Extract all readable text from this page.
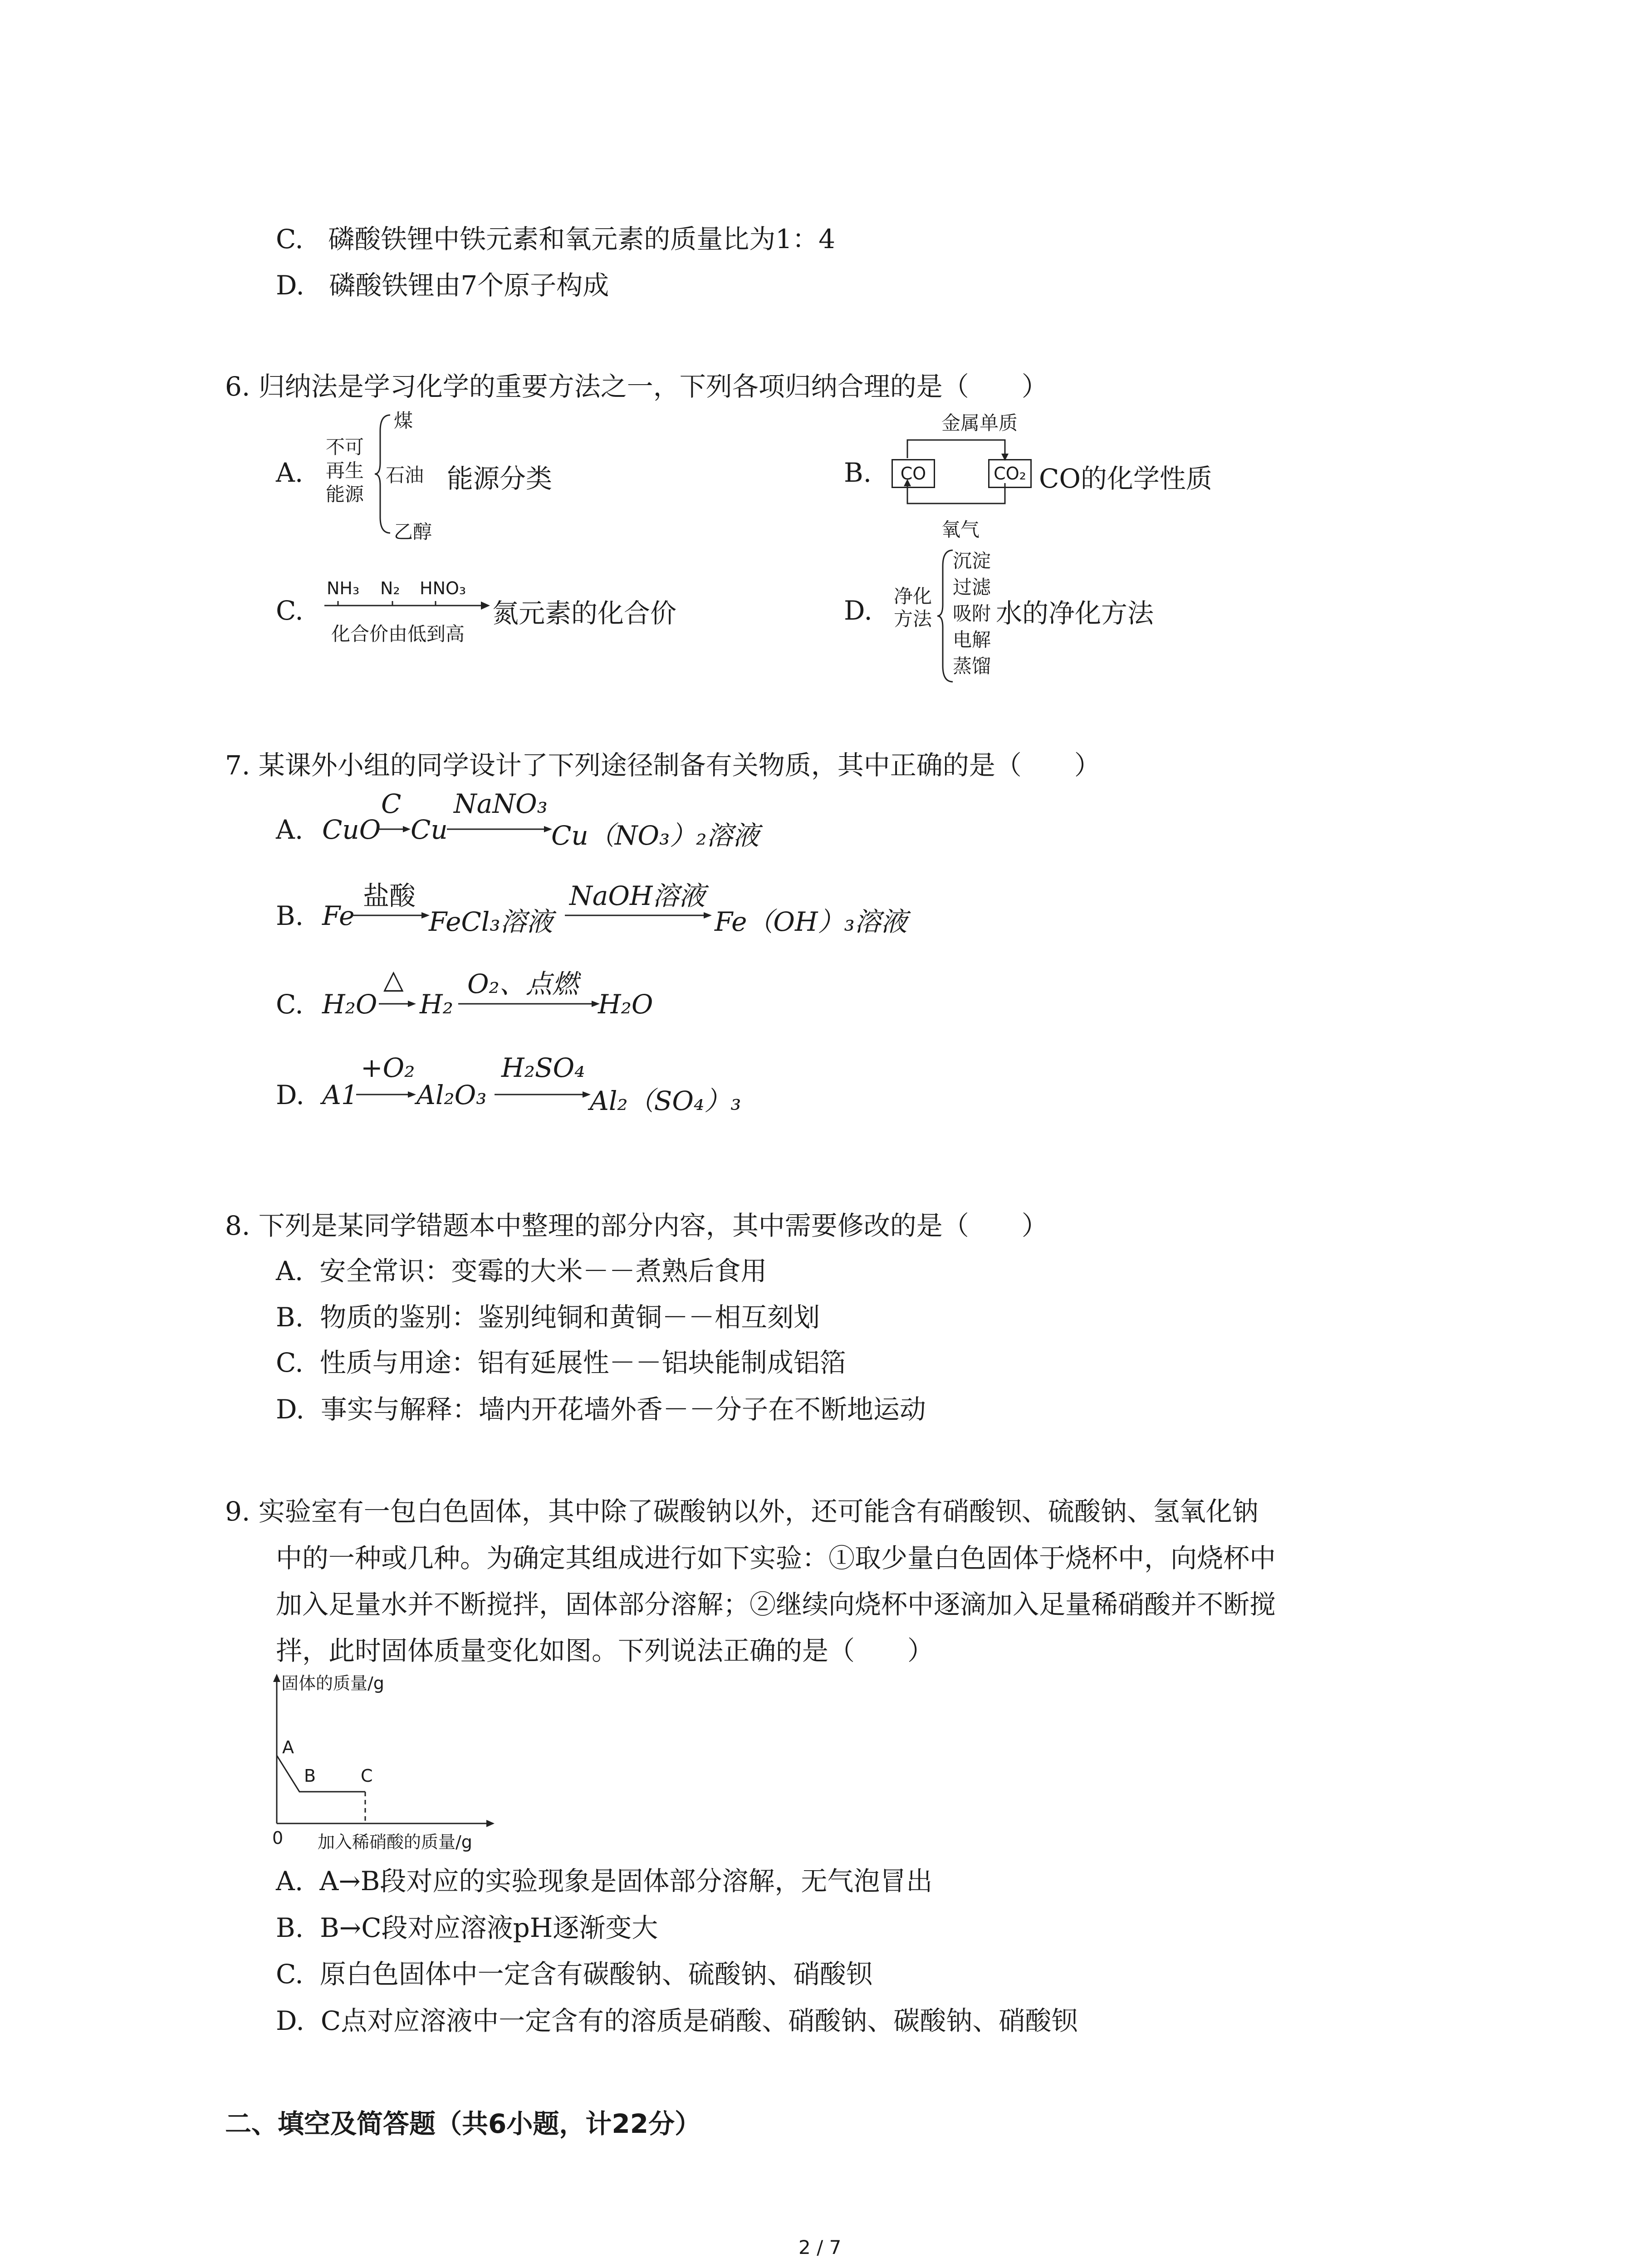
C. 磷酸铁锂中铁元素和氧元素的质量比为1：4
D. 磷酸铁锂由7个原子构成
6. 归纳法是学习化学的重要方法之一，下列各项归纳合理的是（　　）
A.
不可
再生
能源
煤
石油
乙醇
能源分类	B.
金属单质
氧气
CO	CO₂ CO的化学性质
C.
NH₃ N₂ HNO₃
化合价由低到高
氮元素的化合价	D. 净化
方法
沉淀
过滤
吸附
电解
蒸馏
水的净化方法
7. 某课外小组的同学设计了下列途径制备有关物质，其中正确的是（　　）
A. CuO
C
Cu
NaNO₃
Cu（NO₃）₂溶液
B. Fe
盐酸
FeCl₃溶液
NaOH溶液
Fe（OH）₃溶液
C. H₂O
△
H₂
O₂、点燃
H₂O
D. A1
+O₂
Al₂O₃
H₂SO₄
Al₂（SO₄）₃
8. 下列是某同学错题本中整理的部分内容，其中需要修改的是（　　）
A. 安全常识：变霉的大米－－煮熟后食用
B. 物质的鉴别：鉴别纯铜和黄铜－－相互刻划
C. 性质与用途：铝有延展性－－铝块能制成铝箔
D. 事实与解释：墙内开花墙外香－－分子在不断地运动
9. 实验室有一包白色固体，其中除了碳酸钠以外，还可能含有硝酸钡、硫酸钠、氢氧化钠
中的一种或几种。为确定其组成进行如下实验：①取少量白色固体于烧杯中，向烧杯中
加入足量水并不断搅拌，固体部分溶解；②继续向烧杯中逐滴加入足量稀硝酸并不断搅
拌，此时固体质量变化如图。下列说法正确的是（　　）
固体的质量/g
A
B	C
0 加入稀硝酸的质量/g
A. A→B段对应的实验现象是固体部分溶解，无气泡冒出
B. B→C段对应溶液pH逐渐变大
C. 原白色固体中一定含有碳酸钠、硫酸钠、硝酸钡
D. C点对应溶液中一定含有的溶质是硝酸、硝酸钠、碳酸钠、硝酸钡
二、填空及简答题（共6小题，计22分）
2 / 7
